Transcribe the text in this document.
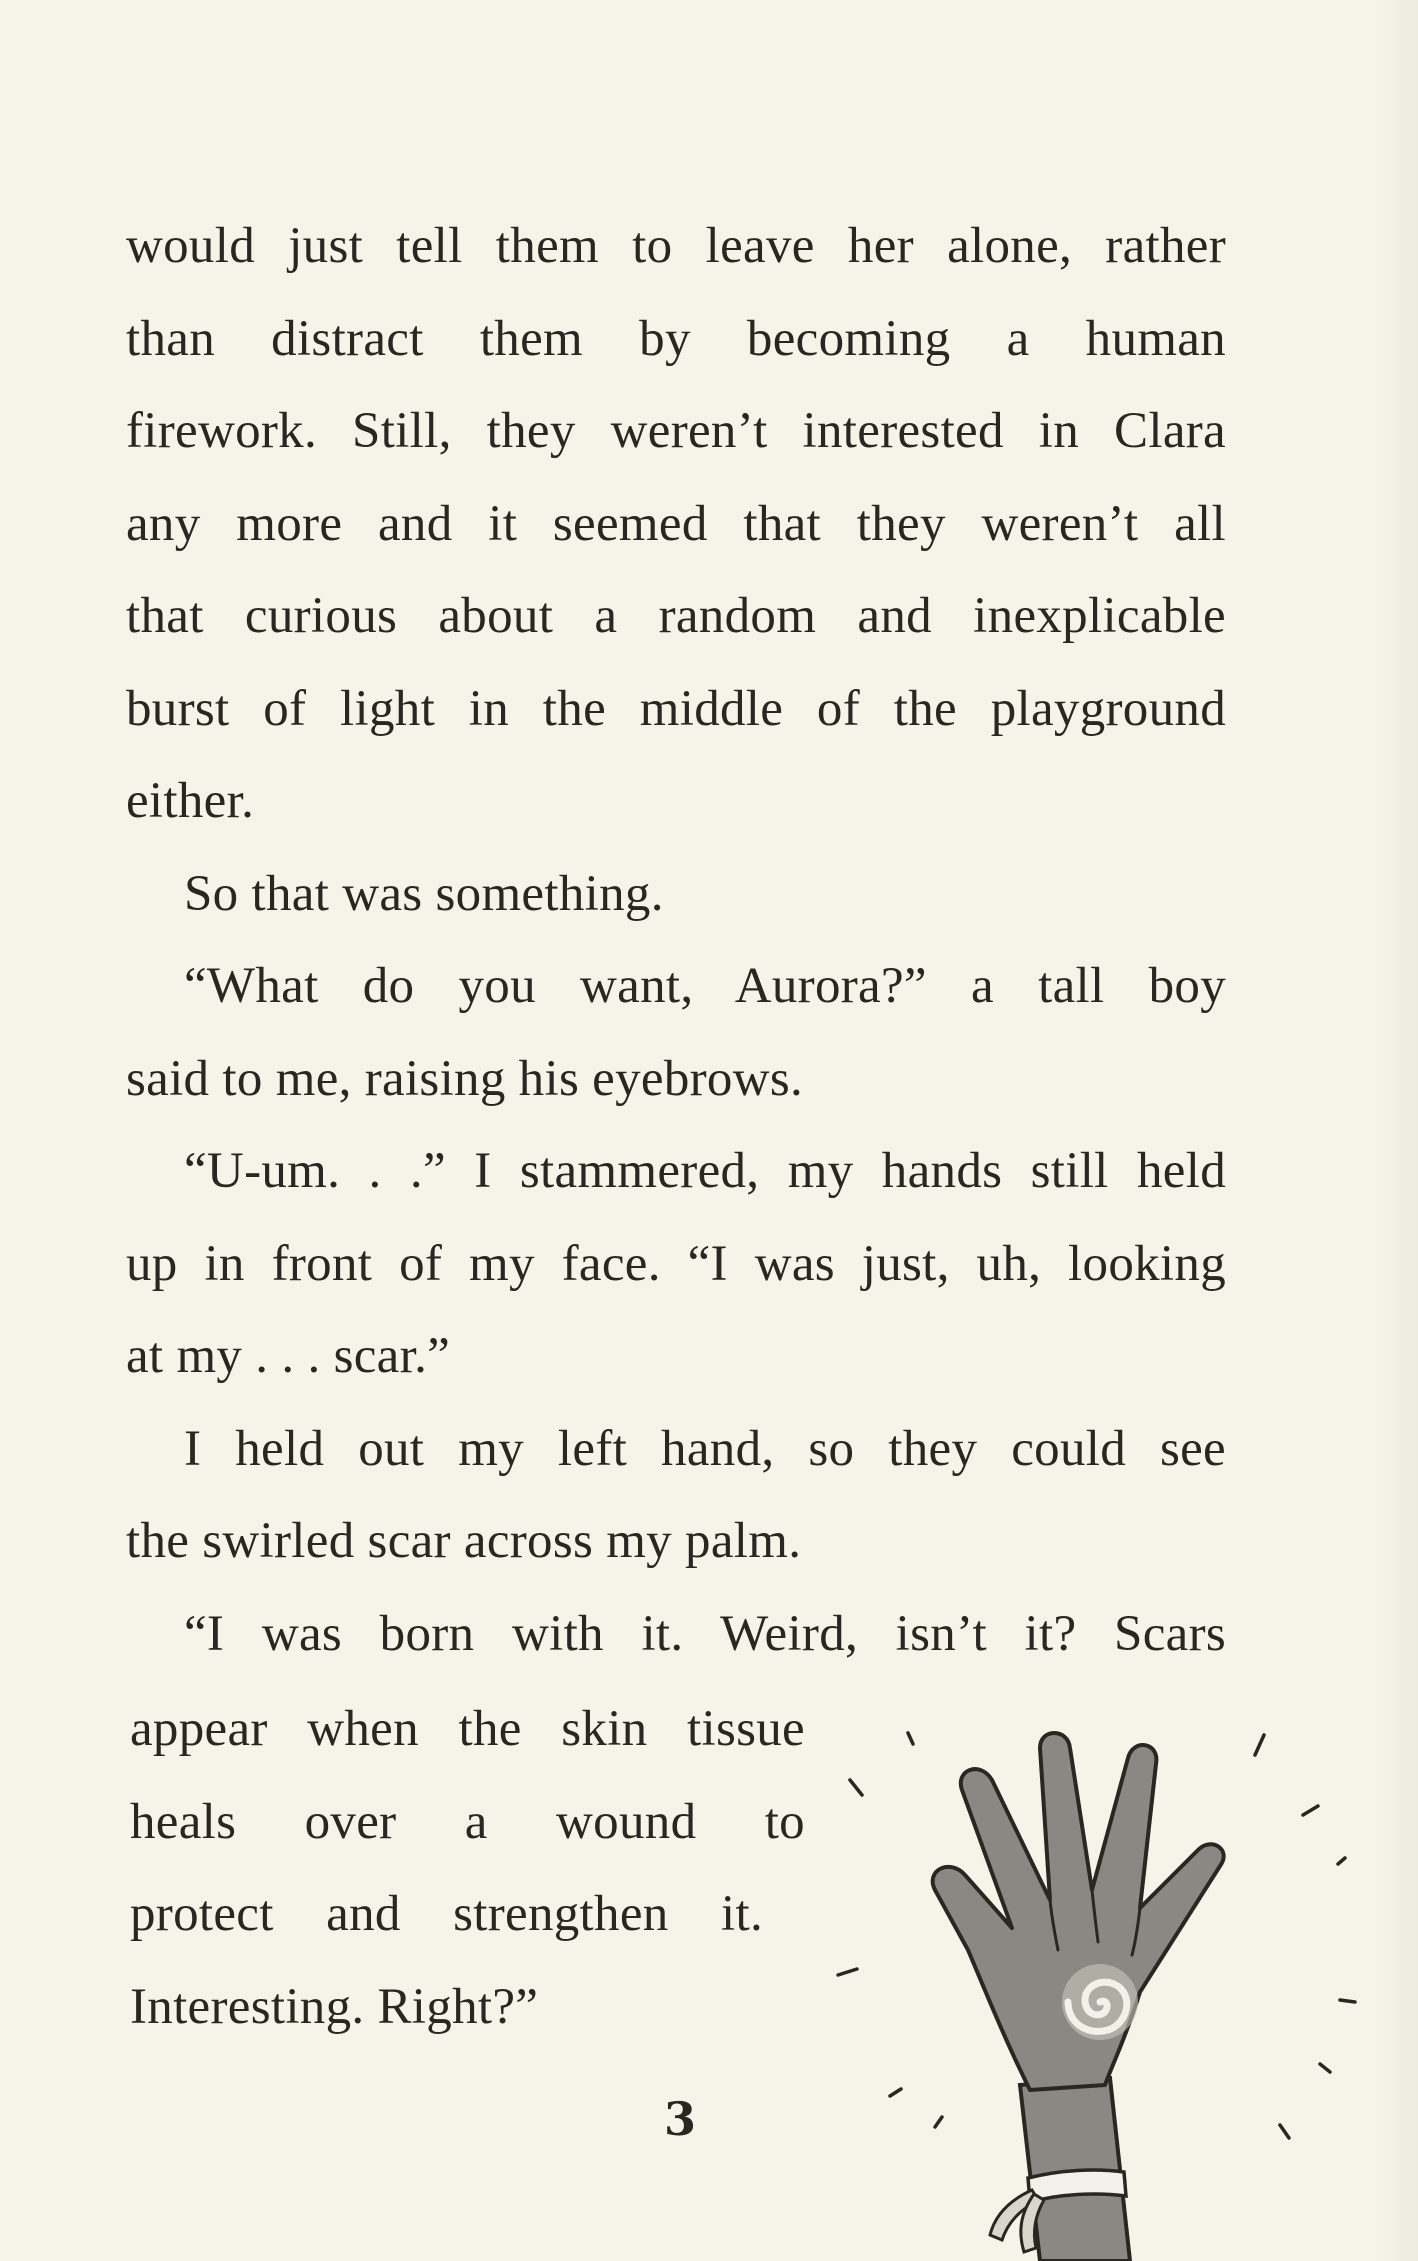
would just tell them to leave her alone, rather
than distract them by becoming a human
firework. Still, they weren’t interested in Clara
any more and it seemed that they weren’t all
that curious about a random and inexplicable
burst of light in the middle of the playground
either.
So that was something.
“What do you want, Aurora?” a tall boy
said to me, raising his eyebrows.
“U-um. . .” I stammered, my hands still held
up in front of my face. “I was just, uh, looking
at my . . . scar.”
I held out my left hand, so they could see
the swirled scar across my palm.
“I was born with it. Weird, isn’t it? Scars
appear when the skin tissue
heals over a wound to
protect and strengthen it.
Interesting. Right?”
3
